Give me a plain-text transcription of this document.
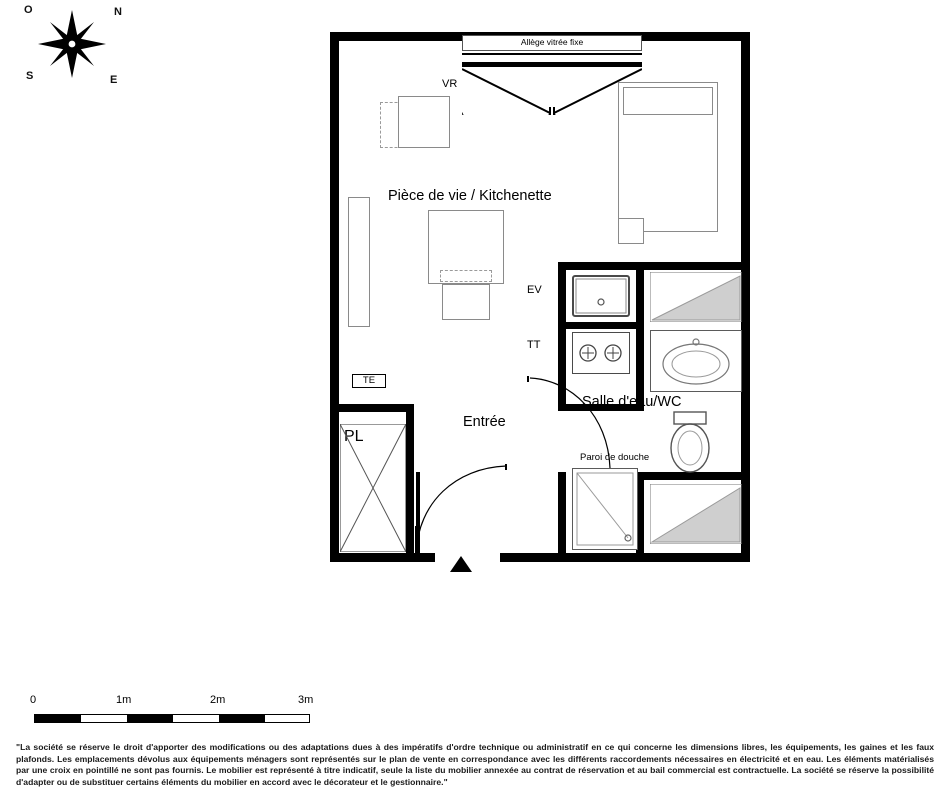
N
S	E
O
Allège vitrée fixe
VR
Pièce de vie / Kitchenette
EV
TT
Salle d'eau/WC
Paroi de douche
Entrée
TE
PL
0	1m	2m	3m
"La société se réserve le droit d'apporter des modifications ou des adaptations dues à des impératifs d'ordre technique ou administratif en ce qui concerne les dimensions libres, les équipements, les gaines et les faux plafonds. Les emplacements dévolus aux équipements ménagers sont représentés sur le plan de vente en correspondance avec les différents raccordements nécessaires en électricité et en eau. Les éléments matérialisés par une croix en pointillé ne sont pas fournis. Le mobilier est représenté à titre indicatif, seule la liste du mobilier annexée au contrat de réservation et au bail commercial est contractuelle. La société se réserve la possibilité d'adapter ou de substituer certains éléments du mobilier en accord avec le décorateur et le gestionnaire."
